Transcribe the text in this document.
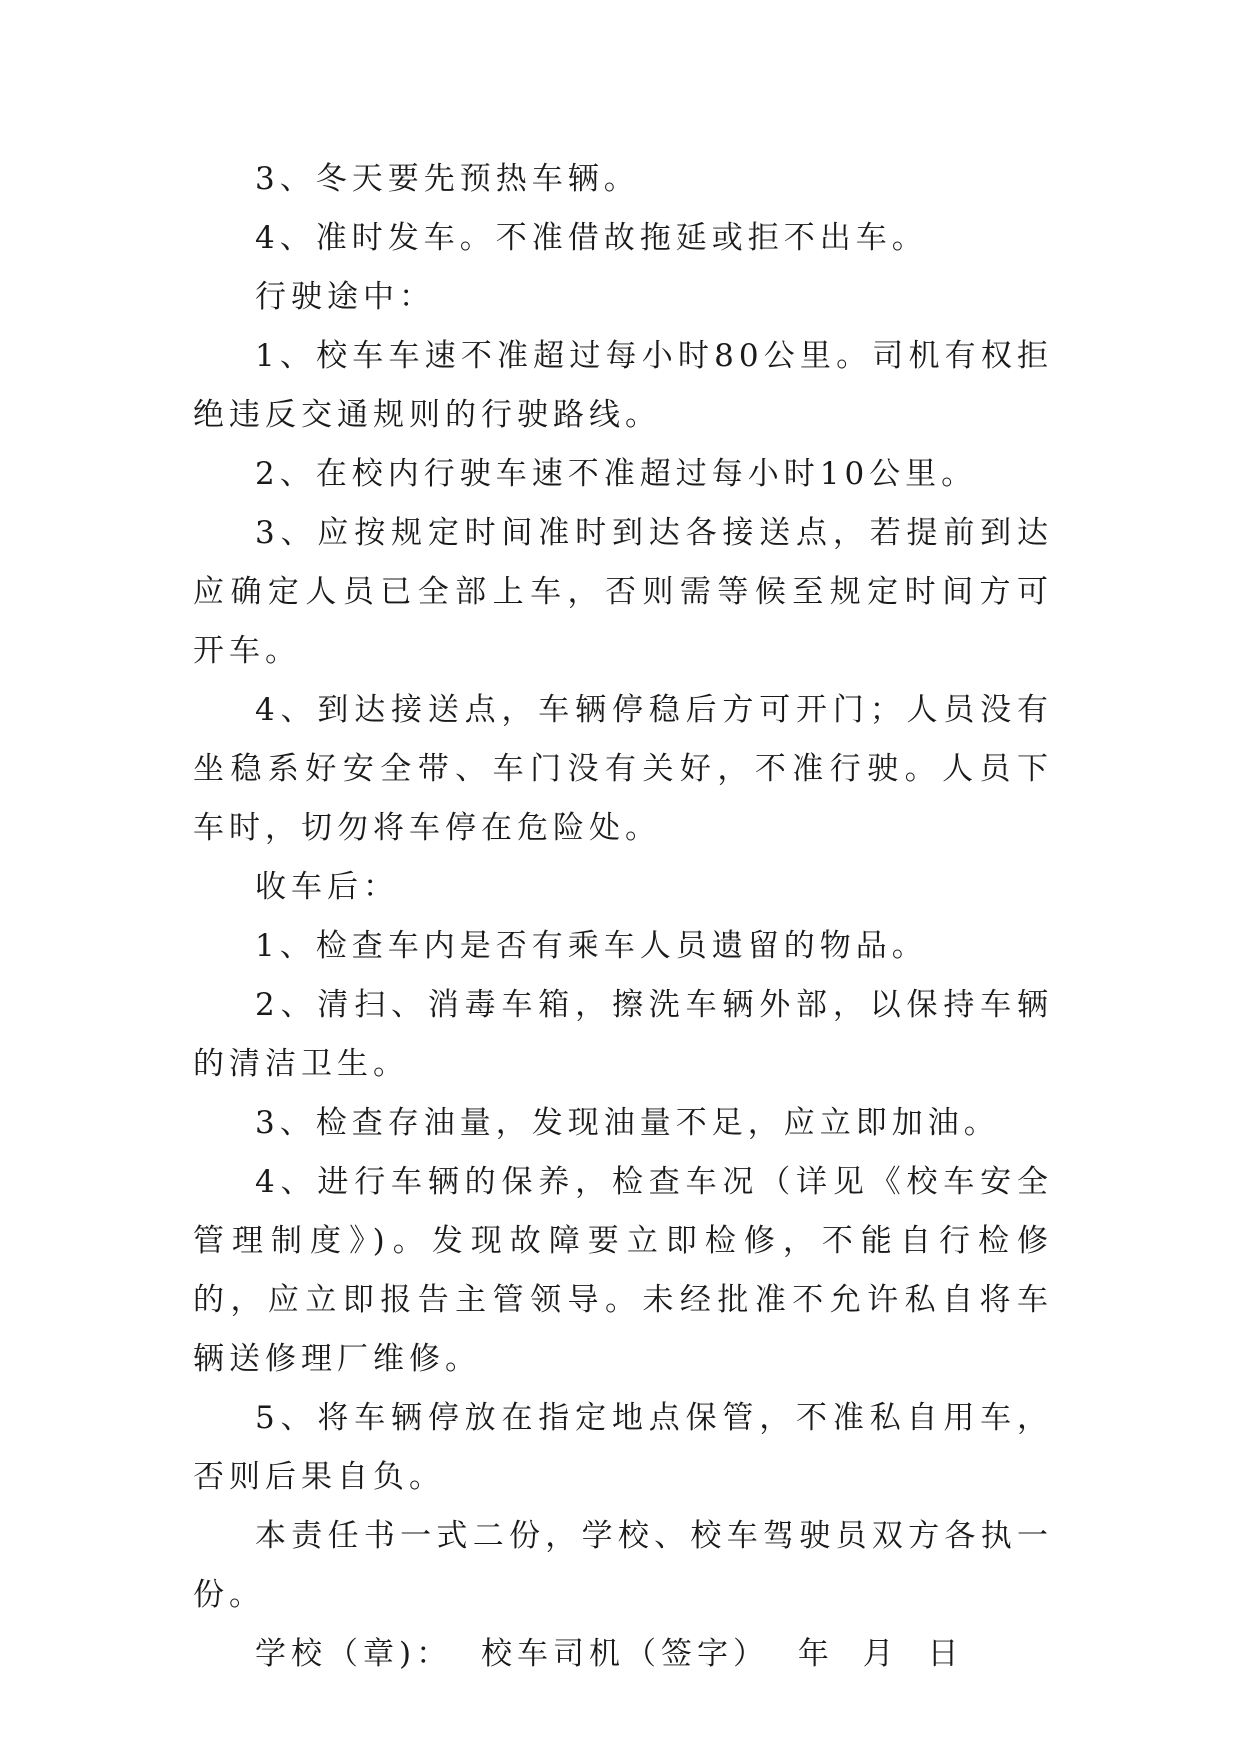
3、冬天要先预热车辆。

4、准时发车。不准借故拖延或拒不出车。

行驶途中：

1、校车车速不准超过每小时80公里。司机有权拒绝违反交通规则的行驶路线。

2、在校内行驶车速不准超过每小时10公里。

3、应按规定时间准时到达各接送点，若提前到达应确定人员已全部上车，否则需等候至规定时间方可开车。

4、到达接送点，车辆停稳后方可开门；人员没有坐稳系好安全带、车门没有关好，不准行驶。人员下车时，切勿将车停在危险处。

收车后：

1、检查车内是否有乘车人员遗留的物品。

2、清扫、消毒车箱，擦洗车辆外部，以保持车辆的清洁卫生。

3、检查存油量，发现油量不足，应立即加油。

4、进行车辆的保养，检查车况（详见《校车安全管理制度》)。发现故障要立即检修，不能自行检修的，应立即报告主管领导。未经批准不允许私自将车辆送修理厂维修。

5、将车辆停放在指定地点保管，不准私自用车，否则后果自负。

本责任书一式二份，学校、校车驾驶员双方各执一份。

学校（章)： 校车司机（签字） 年 月 日
